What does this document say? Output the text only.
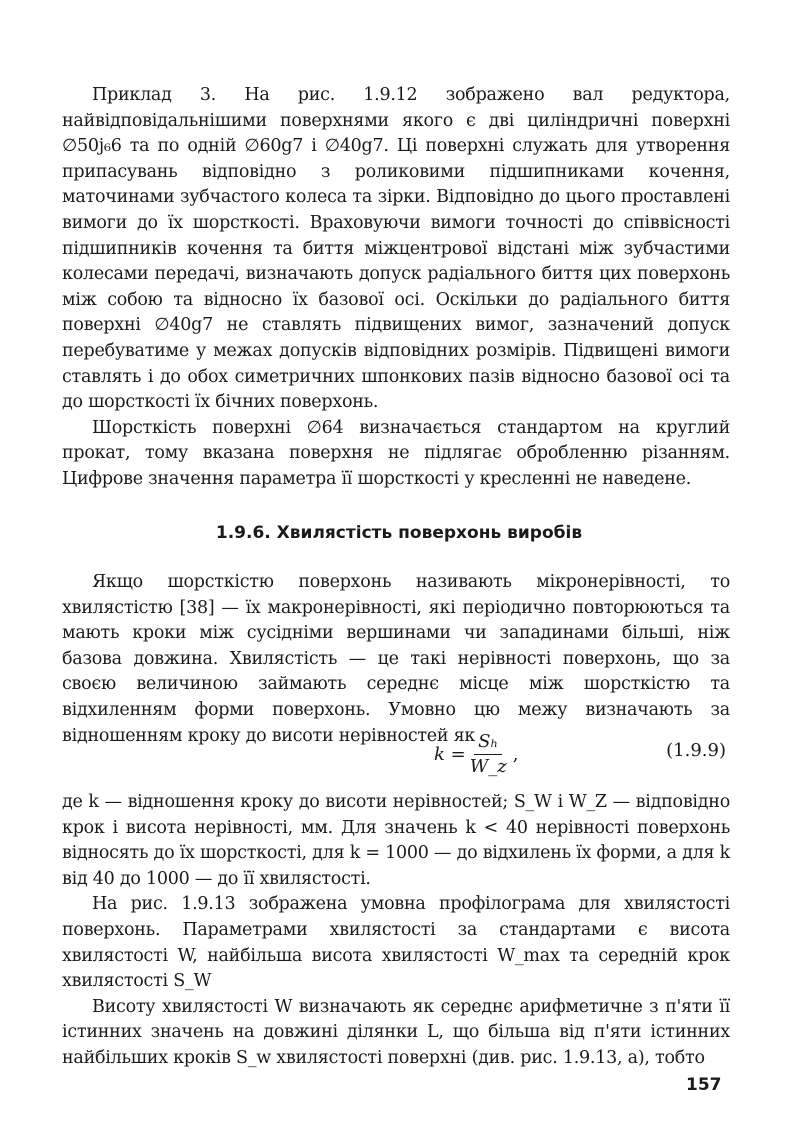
Приклад 3. На рис. 1.9.12 зображено вал редуктора, найвідповідальнішими поверхнями якого є дві циліндричні поверхні ∅50j₆6 та по одній ∅60g7 і ∅40g7. Ці поверхні служать для утворення припасувань відповідно з роликовими підшипниками кочення, маточинами зубчастого колеса та зірки. Відповідно до цього проставлені вимоги до їх шорсткості. Враховуючи вимоги точності до співвісності підшипників кочення та биття міжцентрової відстані між зубчастими колесами передачі, визначають допуск радіального биття цих поверхонь між собою та відносно їх базової осі. Оскільки до радіального биття поверхні ∅40g7 не ставлять підвищених вимог, зазначений допуск перебуватиме у межах допусків відповідних розмірів. Підвищені вимоги ставлять і до обох симетричних шпонкових пазів відносно базової осі та до шорсткості їх бічних поверхонь.

Шорсткість поверхні ∅64 визначається стандартом на круглий прокат, тому вказана поверхня не підлягає обробленню різанням. Цифрове значення параметра її шорсткості у кресленні не наведене.

1.9.6. Хвилястість поверхонь виробів

Якщо шорсткістю поверхонь називають мікронерівності, то хвилястістю [38] — їх макронерівності, які періодично повторюються та мають кроки між сусідніми вершинами чи западинами більші, ніж базова довжина. Хвилястість — це такі нерівності поверхонь, що за своєю величиною займають середнє місце між шорсткістю та відхиленням форми поверхонь. Умовно цю межу визначають за відношенням кроку до висоти нерівностей як

$k = \frac{\text{Sₕ}}{W\_z}$ ,	(1.9.9)

де k — відношення кроку до висоти нерівностей; S_W і W_Z — відповідно крок і висота нерівності, мм. Для значень k < 40 нерівності поверхонь відносять до їх шорсткості, для k = 1000 — до відхилень їх форми, а для k від 40 до 1000 — до її хвилястості.

На рис. 1.9.13 зображена умовна профілограма для хвилястості поверхонь. Параметрами хвилястості за стандартами є висота хвилястості W, найбільша висота хвилястості W_max та середній крок хвилястості S_W

Висоту хвилястості W визначають як середнє арифметичне з п'яти її істинних значень на довжині ділянки L, що більша від п'яти істинних найбільших кроків S_w хвилястості поверхні (див. рис. 1.9.13, а), тобто

157
